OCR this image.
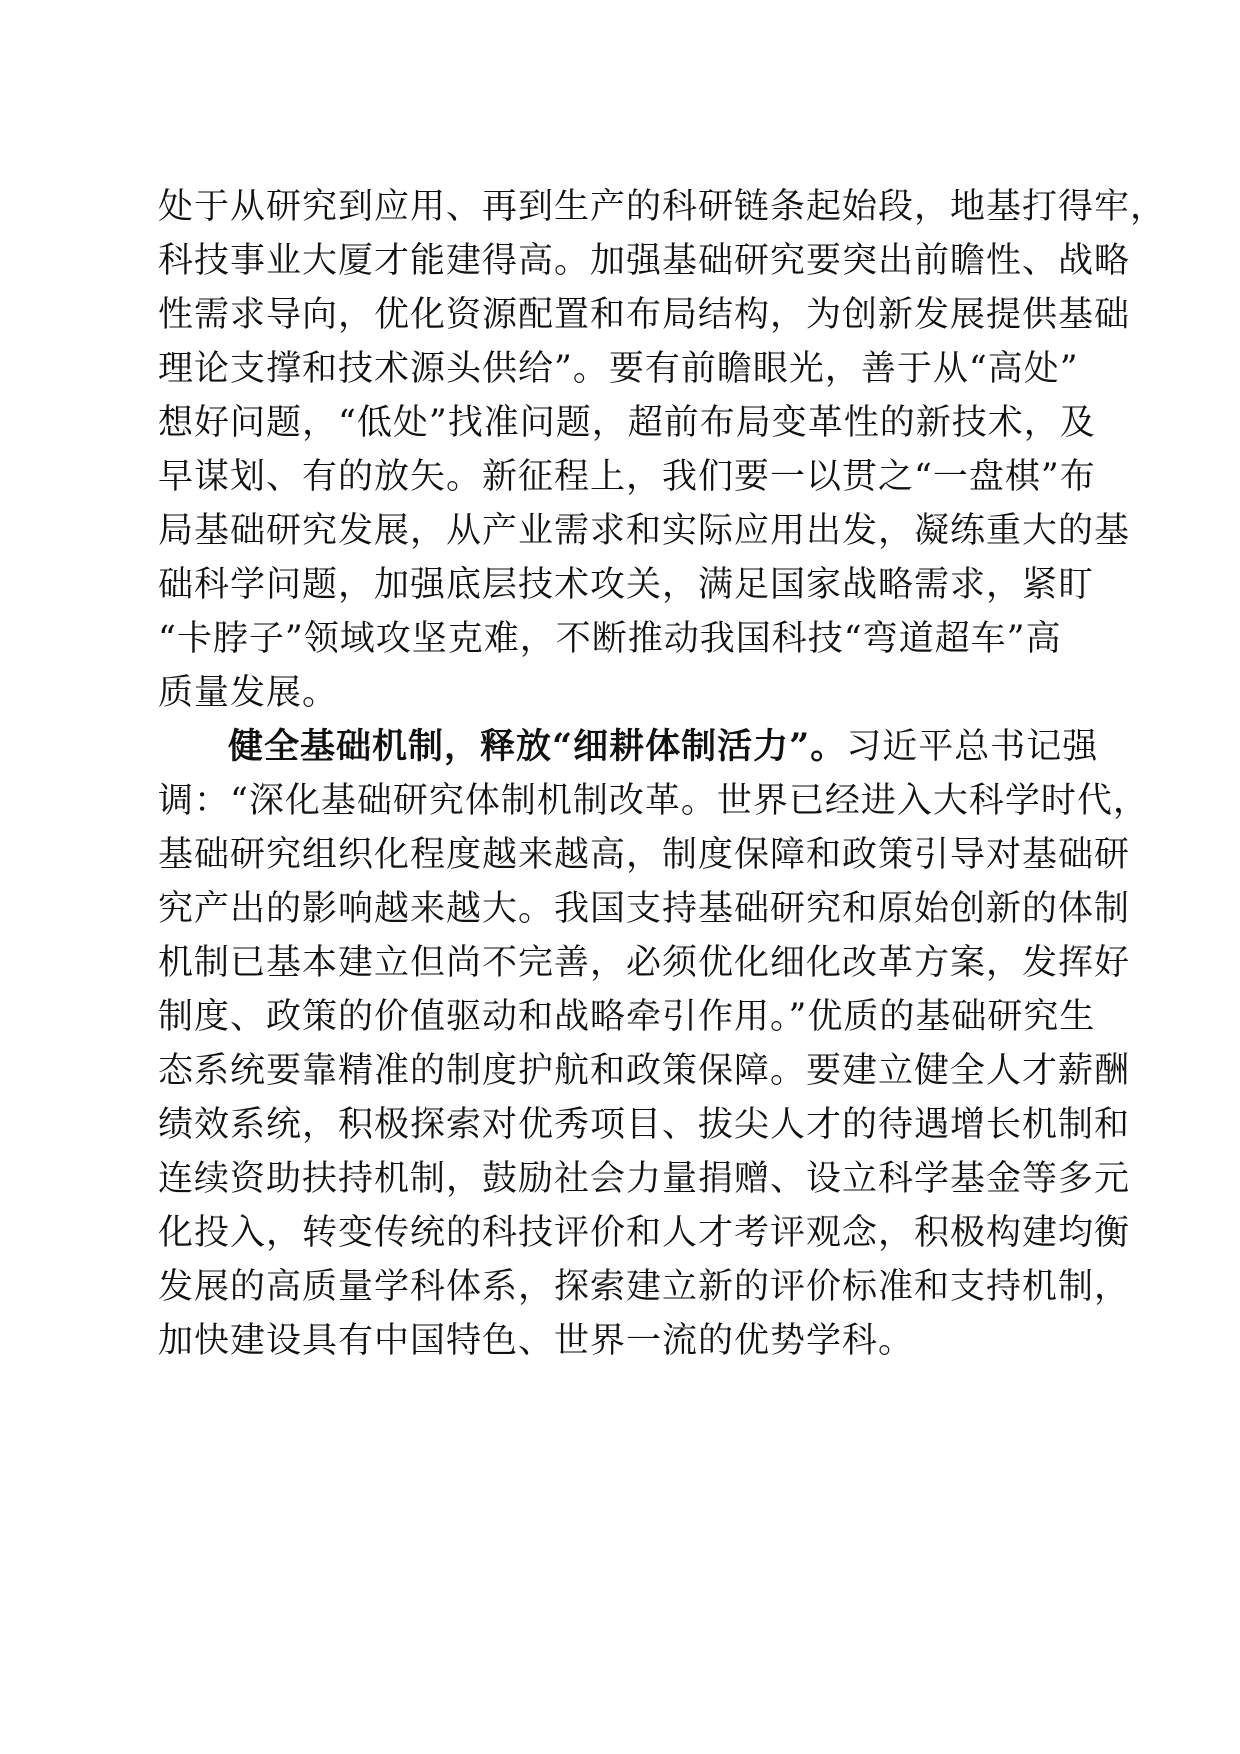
处于从研究到应用、再到生产的科研链条起始段，地基打得牢，
科技事业大厦才能建得高。加强基础研究要突出前瞻性、战略
性需求导向，优化资源配置和布局结构，为创新发展提供基础
理论支撑和技术源头供给”。要有前瞻眼光，善于从“高处”
想好问题，“低处”找准问题，超前布局变革性的新技术，及
早谋划、有的放矢。新征程上，我们要一以贯之“一盘棋”布
局基础研究发展，从产业需求和实际应用出发，凝练重大的基
础科学问题，加强底层技术攻关，满足国家战略需求，紧盯
“卡脖子”领域攻坚克难，不断推动我国科技“弯道超车”高
质量发展。
健全基础机制，释放“细耕体制活力”。习近平总书记强
调：“深化基础研究体制机制改革。世界已经进入大科学时代，
基础研究组织化程度越来越高，制度保障和政策引导对基础研
究产出的影响越来越大。我国支持基础研究和原始创新的体制
机制已基本建立但尚不完善，必须优化细化改革方案，发挥好
制度、政策的价值驱动和战略牵引作用。”优质的基础研究生
态系统要靠精准的制度护航和政策保障。要建立健全人才薪酬
绩效系统，积极探索对优秀项目、拔尖人才的待遇增长机制和
连续资助扶持机制，鼓励社会力量捐赠、设立科学基金等多元
化投入，转变传统的科技评价和人才考评观念，积极构建均衡
发展的高质量学科体系，探索建立新的评价标准和支持机制，
加快建设具有中国特色、世界一流的优势学科。
